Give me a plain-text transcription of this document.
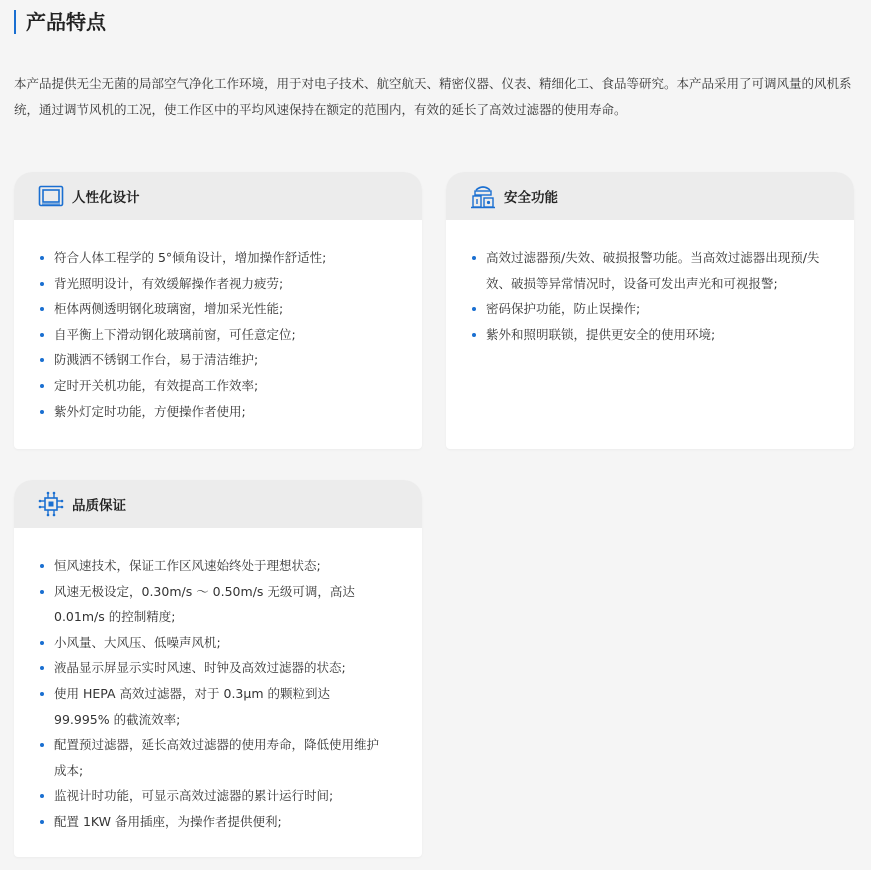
产品特点
本产品提供无尘无菌的局部空气净化工作环境，用于对电子技术、航空航天、精密仪器、仪表、精细化工、食品等研究。本产品采用了可调风量的风机系统，通过调节风机的工况，使工作区中的平均风速保持在额定的范围内，有效的延长了高效过滤器的使用寿命。
人性化设计
符合人体工程学的 5°倾角设计，增加操作舒适性;
背光照明设计，有效缓解操作者视力疲劳;
柜体两侧透明钢化玻璃窗，增加采光性能;
自平衡上下滑动钢化玻璃前窗，可任意定位;
防溅洒不锈钢工作台，易于清洁维护;
定时开关机功能，有效提高工作效率;
紫外灯定时功能，方便操作者使用;
安全功能
高效过滤器预/失效、破损报警功能。当高效过滤器出现预/失效、破损等异常情况时，设备可发出声光和可视报警;
密码保护功能，防止误操作;
紫外和照明联锁，提供更安全的使用环境;
品质保证
恒风速技术，保证工作区风速始终处于理想状态;
风速无极设定，0.30m/s ～ 0.50m/s 无级可调，高达 0.01m/s 的控制精度;
小风量、大风压、低噪声风机;
液晶显示屏显示实时风速、时钟及高效过滤器的状态;
使用 HEPA 高效过滤器，对于 0.3μm 的颗粒到达 99.995% 的截流效率;
配置预过滤器，延长高效过滤器的使用寿命，降低使用维护成本;
监视计时功能，可显示高效过滤器的累计运行时间;
配置 1KW 备用插座，为操作者提供便利;
